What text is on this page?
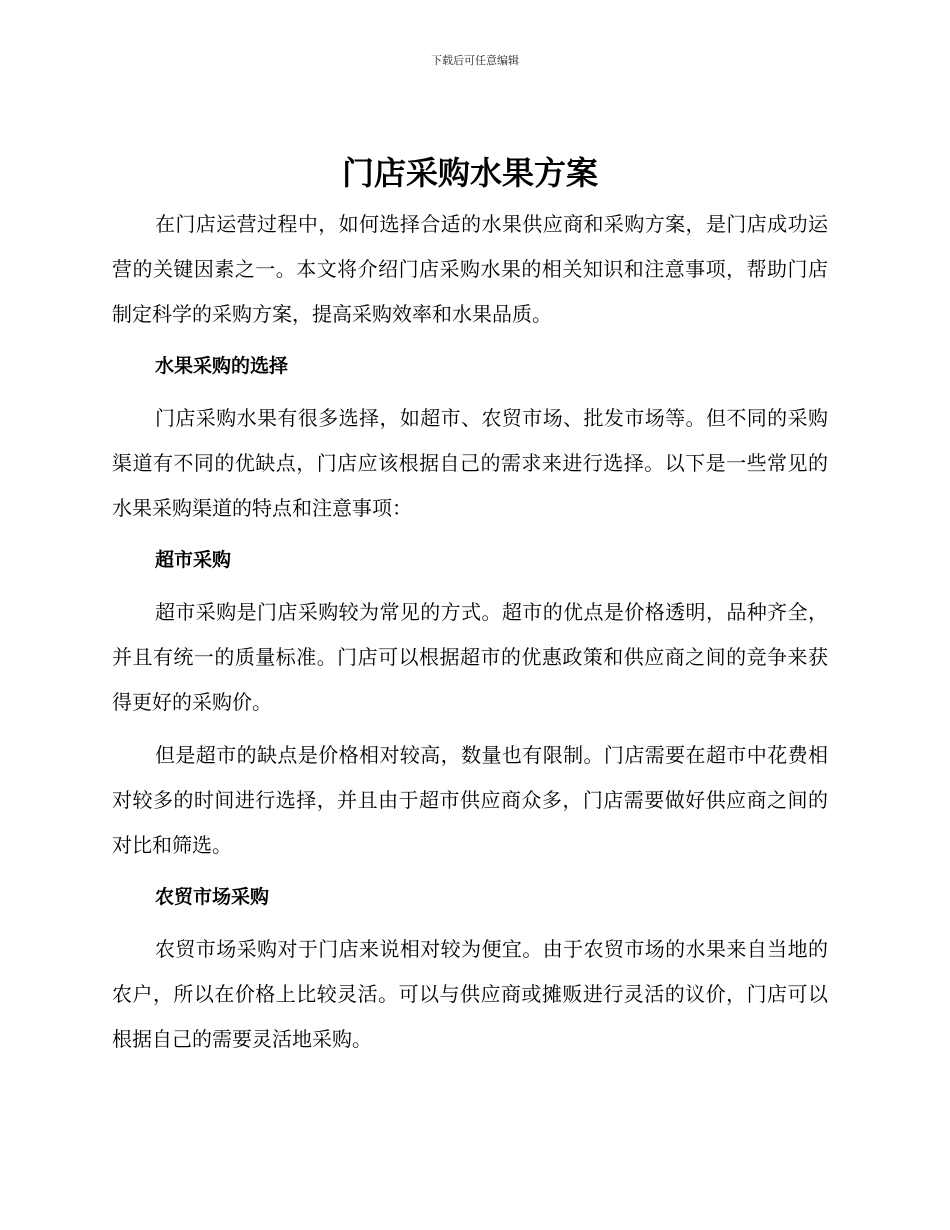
下载后可任意编辑
门店采购水果方案

在门店运营过程中，如何选择合适的水果供应商和采购方案，是门店成功运营的关键因素之一。本文将介绍门店采购水果的相关知识和注意事项，帮助门店制定科学的采购方案，提高采购效率和水果品质。

水果采购的选择

门店采购水果有很多选择，如超市、农贸市场、批发市场等。但不同的采购渠道有不同的优缺点，门店应该根据自己的需求来进行选择。以下是一些常见的水果采购渠道的特点和注意事项：

超市采购

超市采购是门店采购较为常见的方式。超市的优点是价格透明，品种齐全，并且有统一的质量标准。门店可以根据超市的优惠政策和供应商之间的竞争来获得更好的采购价。

但是超市的缺点是价格相对较高，数量也有限制。门店需要在超市中花费相对较多的时间进行选择，并且由于超市供应商众多，门店需要做好供应商之间的对比和筛选。

农贸市场采购

农贸市场采购对于门店来说相对较为便宜。由于农贸市场的水果来自当地的农户，所以在价格上比较灵活。可以与供应商或摊贩进行灵活的议价，门店可以根据自己的需要灵活地采购。
